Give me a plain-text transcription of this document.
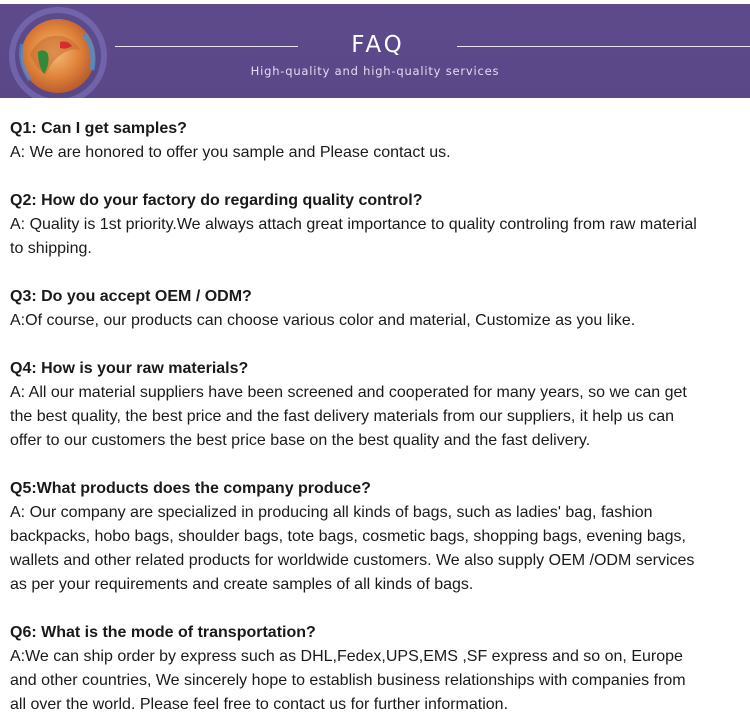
FAQ
High-quality and high-quality services

Q1: Can I get samples?

A: We are honored to offer you sample and Please contact us.

Q2: How do your factory do regarding quality control?

A: Quality is 1st priority.We always attach great importance to quality controling from raw material
to shipping.

Q3: Do you accept OEM / ODM?

A:Of course, our products can choose various color and material, Customize as you like.

Q4: How is your raw materials?

A: All our material suppliers have been screened and cooperated for many years, so we can get
the best quality, the best price and the fast delivery materials from our suppliers, it help us can
offer to our customers the best price base on the best quality and the fast delivery.

Q5:What products does the company produce?

A: Our company are specialized in producing all kinds of bags, such as ladies' bag, fashion
backpacks, hobo bags, shoulder bags, tote bags, cosmetic bags, shopping bags, evening bags,
wallets and other related products for worldwide customers. We also supply OEM /ODM services
as per your requirements and create samples of all kinds of bags.

Q6: What is the mode of transportation?

A:We can ship order by express such as DHL,Fedex,UPS,EMS ,SF express and so on, Europe
and other countries, We sincerely hope to establish business relationships with companies from
all over the world. Please feel free to contact us for further information.
